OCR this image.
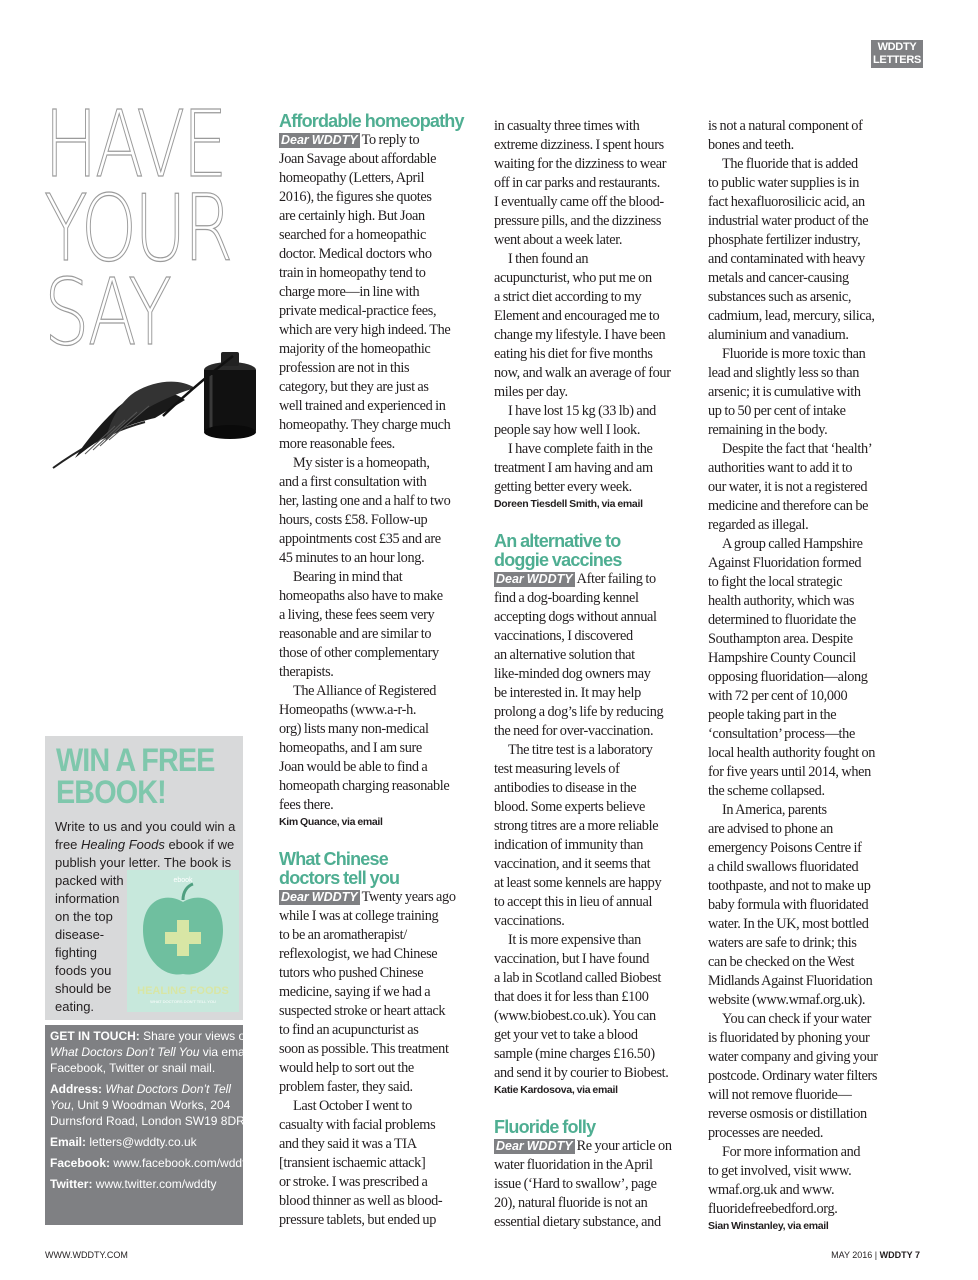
WDDTY
LETTERS
HAVE
YOUR
SAY
WIN A FREE
EBOOK!
Write to us and you could win a
free Healing Foods ebook if we
publish your letter. The book is
packed with
information
on the top
disease-
fighting
foods you
should be
eating.
ebook
HEALING FOODS
WHAT DOCTORS DON'T TELL YOU
GET IN TOUCH: Share your views on
What Doctors Don’t Tell You via email,
Facebook, Twitter or snail mail.
Address: What Doctors Don’t Tell
You, Unit 9 Woodman Works, 204
Durnsford Road, London SW19 8DR
Email: letters@wddty.co.uk
Facebook: www.facebook.com/wddty
Twitter: www.twitter.com/wddty
Affordable homeopathy
Dear WDDTY To reply to
Joan Savage about affordable
homeopathy (Letters, April
2016), the figures she quotes
are certainly high. But Joan
searched for a homeopathic
doctor. Medical doctors who
train in homeopathy tend to
charge more—in line with
private medical-practice fees,
which are very high indeed. The
majority of the homeopathic
profession are not in this
category, but they are just as
well trained and experienced in
homeopathy. They charge much
more reasonable fees.
My sister is a homeopath,
and a first consultation with
her, lasting one and a half to two
hours, costs £58. Follow-up
appointments cost £35 and are
45 minutes to an hour long.
Bearing in mind that
homeopaths also have to make
a living, these fees seem very
reasonable and are similar to
those of other complementary
therapists.
The Alliance of Registered
Homeopaths (www.a-r-h.
org) lists many non-medical
homeopaths, and I am sure
Joan would be able to find a
homeopath charging reasonable
fees there.
Kim Quance, via email
What Chinese
doctors tell you
Dear WDDTY Twenty years ago
while I was at college training
to be an aromatherapist/
reflexologist, we had Chinese
tutors who pushed Chinese
medicine, saying if we had a
suspected stroke or heart attack
to find an acupuncturist as
soon as possible. This treatment
would help to sort out the
problem faster, they said.
Last October I went to
casualty with facial problems
and they said it was a TIA
[transient ischaemic attack]
or stroke. I was prescribed a
blood thinner as well as blood-
pressure tablets, but ended up
in casualty three times with
extreme dizziness. I spent hours
waiting for the dizziness to wear
off in car parks and restaurants.
I eventually came off the blood-
pressure pills, and the dizziness
went about a week later.
I then found an
acupuncturist, who put me on
a strict diet according to my
Element and encouraged me to
change my lifestyle. I have been
eating his diet for five months
now, and walk an average of four
miles per day.
I have lost 15 kg (33 lb) and
people say how well I look.
I have complete faith in the
treatment I am having and am
getting better every week.
Doreen Tiesdell Smith, via email
An alternative to
doggie vaccines
Dear WDDTY After failing to
find a dog-boarding kennel
accepting dogs without annual
vaccinations, I discovered
an alternative solution that
like-minded dog owners may
be interested in. It may help
prolong a dog’s life by reducing
the need for over-vaccination.
The titre test is a laboratory
test measuring levels of
antibodies to disease in the
blood. Some experts believe
strong titres are a more reliable
indication of immunity than
vaccination, and it seems that
at least some kennels are happy
to accept this in lieu of annual
vaccinations.
It is more expensive than
vaccination, but I have found
a lab in Scotland called Biobest
that does it for less than £100
(www.biobest.co.uk). You can
get your vet to take a blood
sample (mine charges £16.50)
and send it by courier to Biobest.
Katie Kardosova, via email
Fluoride folly
Dear WDDTY Re your article on
water fluoridation in the April
issue (‘Hard to swallow’, page
20), natural fluoride is not an
essential dietary substance, and
is not a natural component of
bones and teeth.
The fluoride that is added
to public water supplies is in
fact hexafluorosilicic acid, an
industrial water product of the
phosphate fertilizer industry,
and contaminated with heavy
metals and cancer-causing
substances such as arsenic,
cadmium, lead, mercury, silica,
aluminium and vanadium.
Fluoride is more toxic than
lead and slightly less so than
arsenic; it is cumulative with
up to 50 per cent of intake
remaining in the body.
Despite the fact that ‘health’
authorities want to add it to
our water, it is not a registered
medicine and therefore can be
regarded as illegal.
A group called Hampshire
Against Fluoridation formed
to fight the local strategic
health authority, which was
determined to fluoridate the
Southampton area. Despite
Hampshire County Council
opposing fluoridation—along
with 72 per cent of 10,000
people taking part in the
‘consultation’ process—the
local health authority fought on
for five years until 2014, when
the scheme collapsed.
In America, parents
are advised to phone an
emergency Poisons Centre if
a child swallows fluoridated
toothpaste, and not to make up
baby formula with fluoridated
water. In the UK, most bottled
waters are safe to drink; this
can be checked on the West
Midlands Against Fluoridation
website (www.wmaf.org.uk).
You can check if your water
is fluoridated by phoning your
water company and giving your
postcode. Ordinary water filters
will not remove fluoride—
reverse osmosis or distillation
processes are needed.
For more information and
to get involved, visit www.
wmaf.org.uk and www.
fluoridefreebedford.org.
Sian Winstanley, via email
WWW.WDDTY.COM	MAY 2016 | WDDTY 7
